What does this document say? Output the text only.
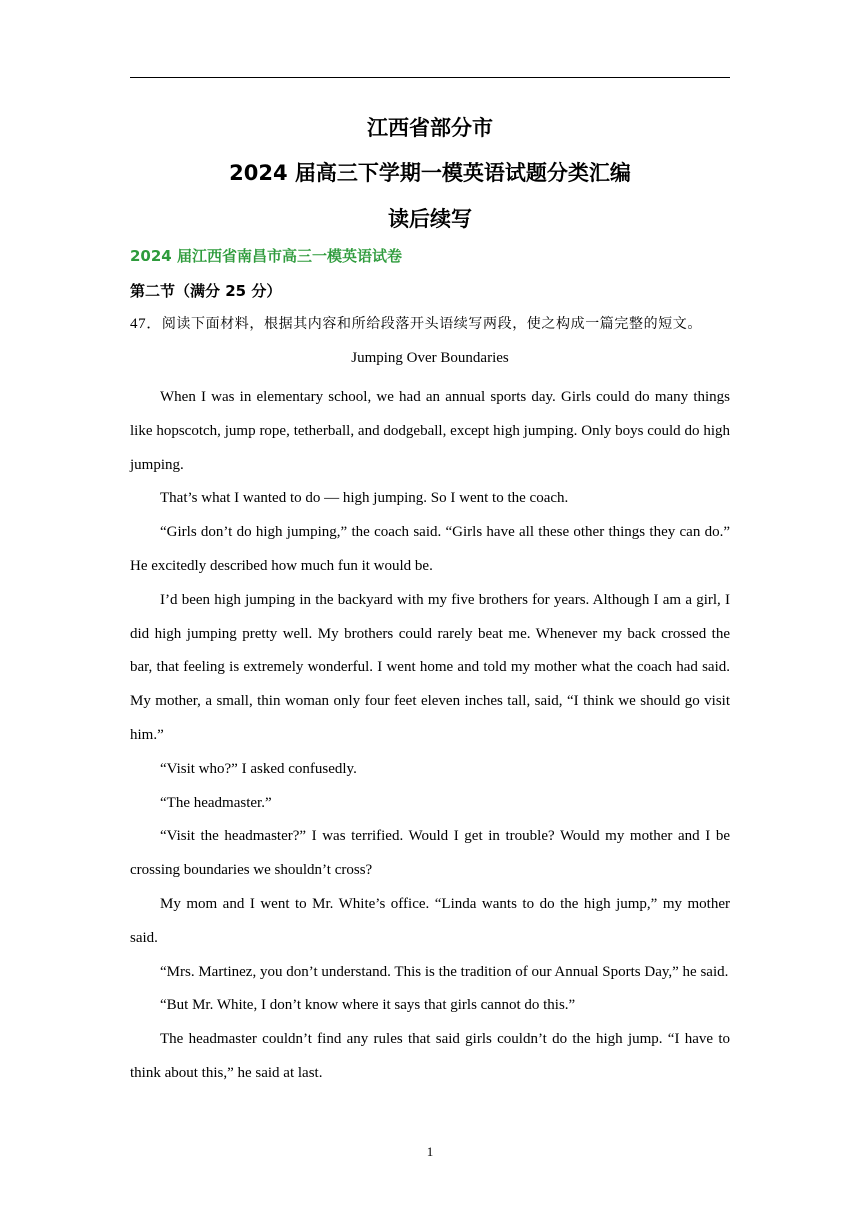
江西省部分市
2024 届高三下学期一模英语试题分类汇编
读后续写
2024 届江西省南昌市高三一模英语试卷
第二节（满分 25 分）
47．阅读下面材料，根据其内容和所给段落开头语续写两段，使之构成一篇完整的短文。
Jumping Over Boundaries

When I was in elementary school, we had an annual sports day. Girls could do many things like hopscotch, jump rope, tetherball, and dodgeball, except high jumping. Only boys could do high jumping.

That’s what I wanted to do — high jumping. So I went to the coach.

“Girls don’t do high jumping,” the coach said. “Girls have all these other things they can do.” He excitedly described how much fun it would be.

I’d been high jumping in the backyard with my five brothers for years. Although I am a girl, I did high jumping pretty well. My brothers could rarely beat me. Whenever my back crossed the bar, that feeling is extremely wonderful. I went home and told my mother what the coach had said. My mother, a small, thin woman only four feet eleven inches tall, said, “I think we should go visit him.”

“Visit who?” I asked confusedly.

“The headmaster.”

“Visit the headmaster?” I was terrified. Would I get in trouble? Would my mother and I be crossing boundaries we shouldn’t cross?

My mom and I went to Mr. White’s office. “Linda wants to do the high jump,” my mother said.

“Mrs. Martinez, you don’t understand. This is the tradition of our Annual Sports Day,” he said.

“But Mr. White, I don’t know where it says that girls cannot do this.”

The headmaster couldn’t find any rules that said girls couldn’t do the high jump. “I have to think about this,” he said at last.

1
